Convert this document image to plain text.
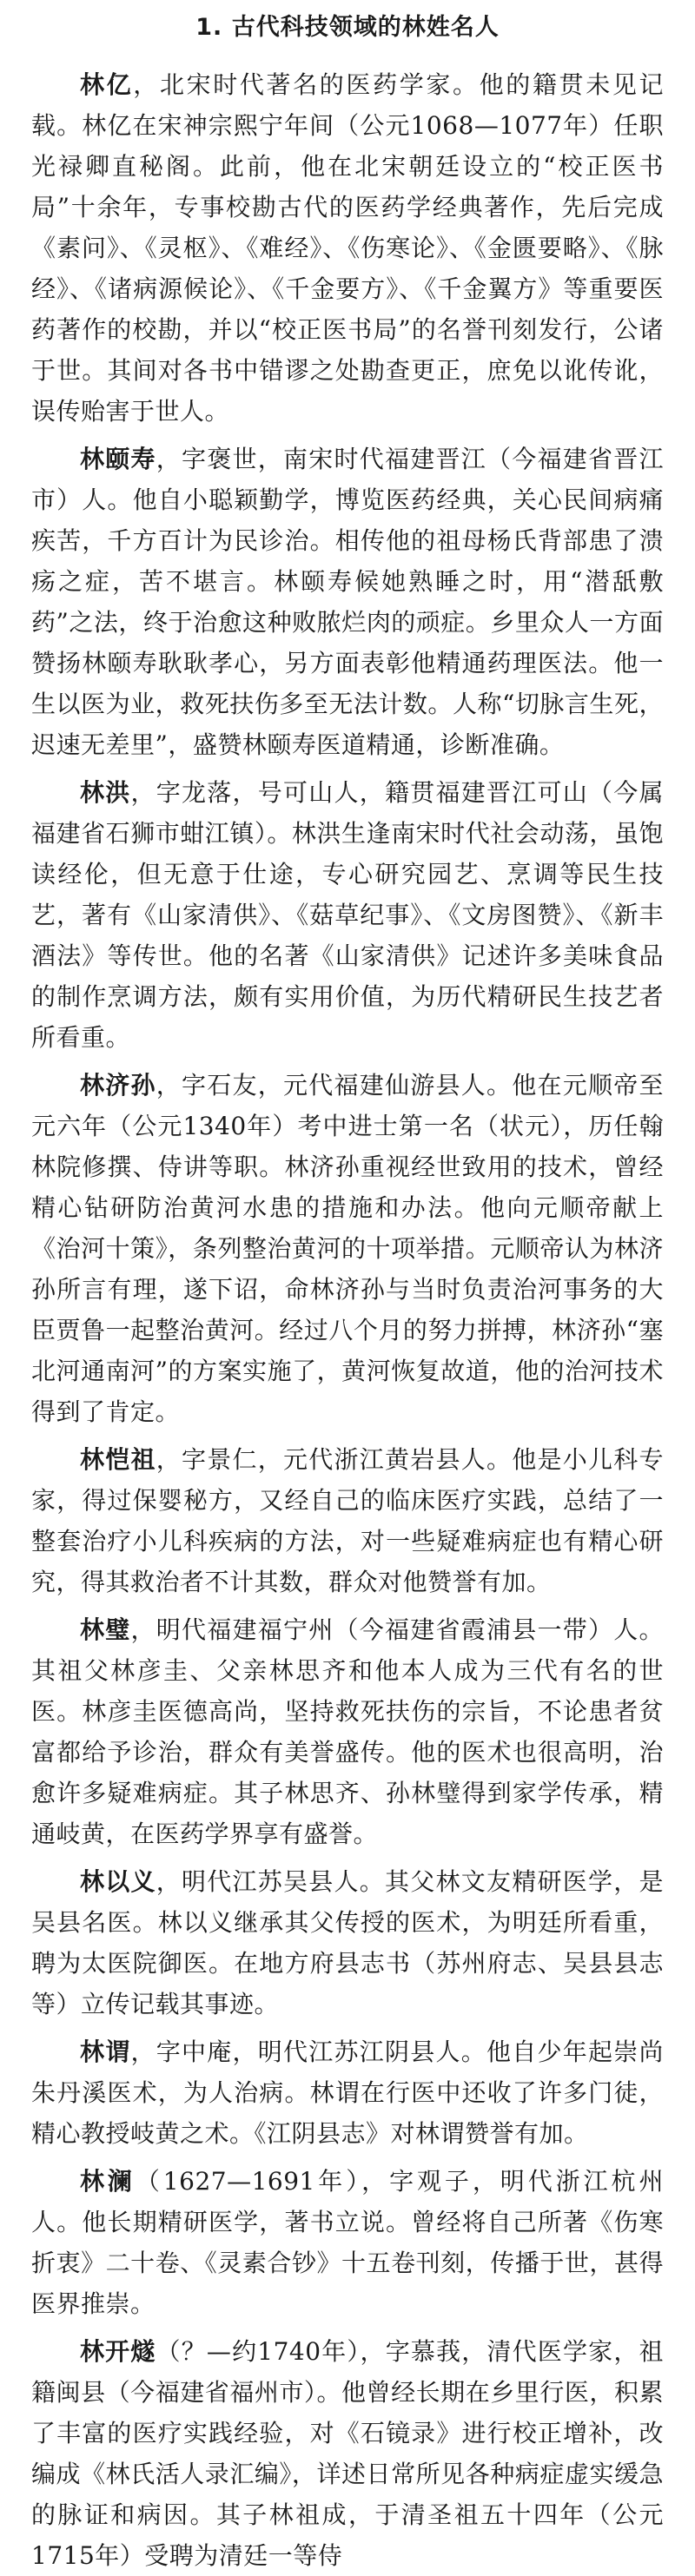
1. 古代科技领域的林姓名人

林亿，北宋时代著名的医药学家。他的籍贯未见记载。林亿在宋神宗熙宁年间（公元1068—1077年）任职光禄卿直秘阁。此前，他在北宋朝廷设立的“校正医书局”十余年，专事校勘古代的医药学经典著作，先后完成《素问》、《灵枢》、《难经》、《伤寒论》、《金匮要略》、《脉经》、《诸病源候论》、《千金要方》、《千金翼方》等重要医药著作的校勘，并以“校正医书局”的名誉刊刻发行，公诸于世。其间对各书中错谬之处勘查更正，庶免以讹传讹，误传贻害于世人。

林颐寿，字褒世，南宋时代福建晋江（今福建省晋江市）人。他自小聪颖勤学，博览医药经典，关心民间病痛疾苦，千方百计为民诊治。相传他的祖母杨氏背部患了溃疡之症，苦不堪言。林颐寿候她熟睡之时，用“潜舐敷药”之法，终于治愈这种败脓烂肉的顽症。乡里众人一方面赞扬林颐寿耿耿孝心，另方面表彰他精通药理医法。他一生以医为业，救死扶伤多至无法计数。人称“切脉言生死，迟速无差里”，盛赞林颐寿医道精通，诊断准确。

林洪，字龙落，号可山人，籍贯福建晋江可山（今属福建省石狮市蚶江镇）。林洪生逢南宋时代社会动荡，虽饱读经伦，但无意于仕途，专心研究园艺、烹调等民生技艺，著有《山家清供》、《菇草纪事》、《文房图赞》、《新丰酒法》等传世。他的名著《山家清供》记述许多美味食品的制作烹调方法，颇有实用价值，为历代精研民生技艺者所看重。

林济孙，字石友，元代福建仙游县人。他在元顺帝至元六年（公元1340年）考中进士第一名（状元），历任翰林院修撰、侍讲等职。林济孙重视经世致用的技术，曾经精心钻研防治黄河水患的措施和办法。他向元顺帝献上《治河十策》，条列整治黄河的十项举措。元顺帝认为林济孙所言有理，遂下诏，命林济孙与当时负责治河事务的大臣贾鲁一起整治黄河。经过八个月的努力拼搏，林济孙“塞北河通南河”的方案实施了，黄河恢复故道，他的治河技术得到了肯定。

林恺祖，字景仁，元代浙江黄岩县人。他是小儿科专家，得过保婴秘方，又经自己的临床医疗实践，总结了一整套治疗小儿科疾病的方法，对一些疑难病症也有精心研究，得其救治者不计其数，群众对他赞誉有加。

林璧，明代福建福宁州（今福建省霞浦县一带）人。其祖父林彦圭、父亲林思齐和他本人成为三代有名的世医。林彦圭医德高尚，坚持救死扶伤的宗旨，不论患者贫富都给予诊治，群众有美誉盛传。他的医术也很高明，治愈许多疑难病症。其子林思齐、孙林璧得到家学传承，精通岐黄，在医药学界享有盛誉。

林以义，明代江苏吴县人。其父林文友精研医学，是吴县名医。林以义继承其父传授的医术，为明廷所看重，聘为太医院御医。在地方府县志书（苏州府志、吴县县志等）立传记载其事迹。

林谓，字中庵，明代江苏江阴县人。他自少年起崇尚朱丹溪医术，为人治病。林谓在行医中还收了许多门徒，精心教授岐黄之术。《江阴县志》对林谓赞誉有加。

林澜（1627—1691年），字观子，明代浙江杭州人。他长期精研医学，著书立说。曾经将自己所著《伤寒折衷》二十卷、《灵素合钞》十五卷刊刻，传播于世，甚得医界推崇。

林开燧（？—约1740年），字慕莪，清代医学家，祖籍闽县（今福建省福州市）。他曾经长期在乡里行医，积累了丰富的医疗实践经验，对《石镜录》进行校正增补，改编成《林氏活人录汇编》，详述日常所见各种病症虚实缓急的脉证和病因。其子林祖成，于清圣祖五十四年（公元1715年）受聘为清廷一等侍
